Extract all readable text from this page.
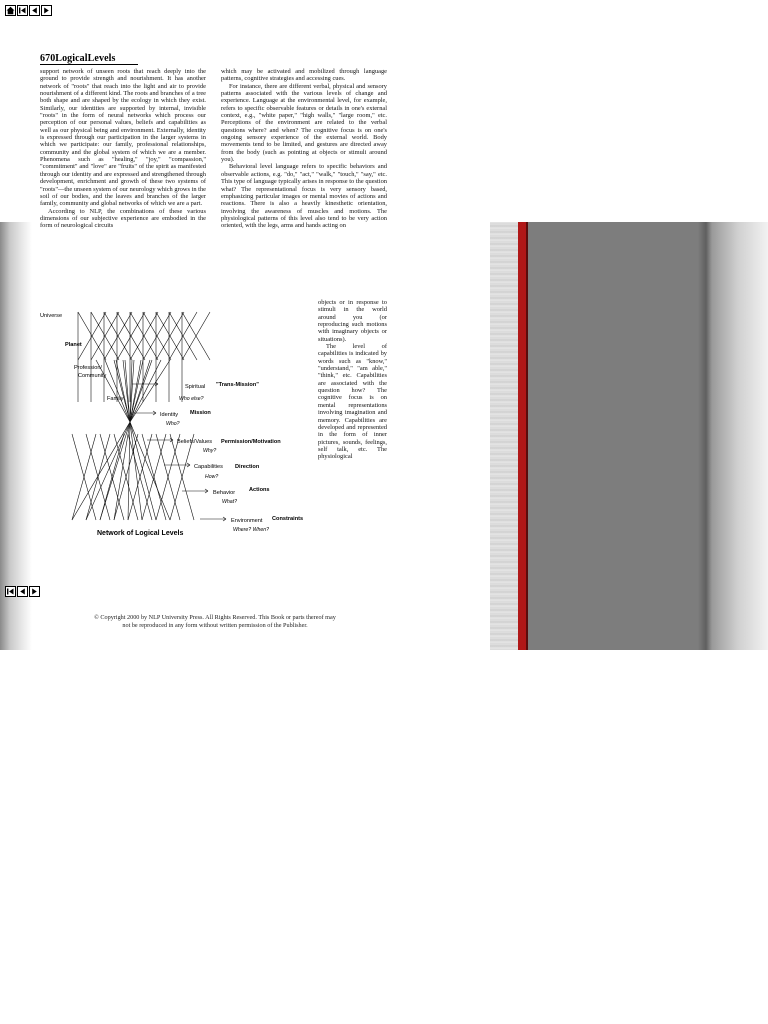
670LogicalLevels

support network of unseen roots that reach deeply into the ground to provide strength and nourishment. It has another network of "roots" that reach into the light and air to provide nourishment of a different kind. The roots and branches of a tree both shape and are shaped by the ecology in which they exist. Similarly, our identities are supported by internal, invisible "roots" in the form of neural networks which process our perception of our personal values, beliefs and capabilities as well as our physical being and environment. Externally, identity is expressed through our participation in the larger systems in which we participate: our family, professional relationships, community and the global system of which we are a member. Phenomena such as "healing," "joy," "compassion," "commitment" and "love" are "fruits" of the spirit as manifested through our identity and are expressed and strengthened through development, enrichment and growth of these two systems of "roots"—the unseen system of our neurology which grows in the soil of our bodies, and the leaves and branches of the larger family, community and global networks of which we are a part.

According to NLP, the combinations of these various dimensions of our subjective experience are embodied in the form of neurological circuits

which may be activated and mobilized through language patterns, cognitive strategies and accessing cues.

For instance, there are different verbal, physical and sensory patterns associated with the various levels of change and experience. Language at the environmental level, for example, refers to specific observable features or details in one's external context, e.g., "white paper," "high walls," "large room," etc. Perceptions of the environment are related to the verbal questions where? and when? The cognitive focus is on one's ongoing sensory experience of the external world. Body movements tend to be limited, and gestures are directed away from the body (such as pointing at objects or stimuli around you).

Behavioral level language refers to specific behaviors and observable actions, e.g. "do," "act," "walk," "touch," "say," etc. This type of language typically arises in response to the question what? The representational focus is very sensory based, emphasizing particular images or mental movies of actions and reactions. There is also a heavily kinesthetic orientation, involving the awareness of muscles and motions. The physiological patterns of this level also tend to be very action oriented, with the legs, arms and hands acting on

objects or in response to stimuli in the world around you (or reproducing such motions with imaginary objects or situations).

The level of capabilities is indicated by words such as "know," "understand," "am able," "think," etc. Capabilities are associated with the question how? The cognitive focus is on mental representations involving imagination and memory. Capabilities are developed and represented in the form of inner pictures, sounds, feelings, self talk, etc. The physiological

Universe
Planet
Profession/
Community
Family
Spiritual
Who else?
"Trans-Mission"
Identity
Who?
Mission
Beliefs/Values
Why?
Permission/Motivation
Capabilities
How?
Direction
Behavior
What?
Actions
Environment
Where? When?
Constraints
Network of Logical Levels
© Copyright 2000 by NLP University Press. All Rights Reserved. This Book or parts thereof may
not be reproduced in any form without written permission of the Publisher.
